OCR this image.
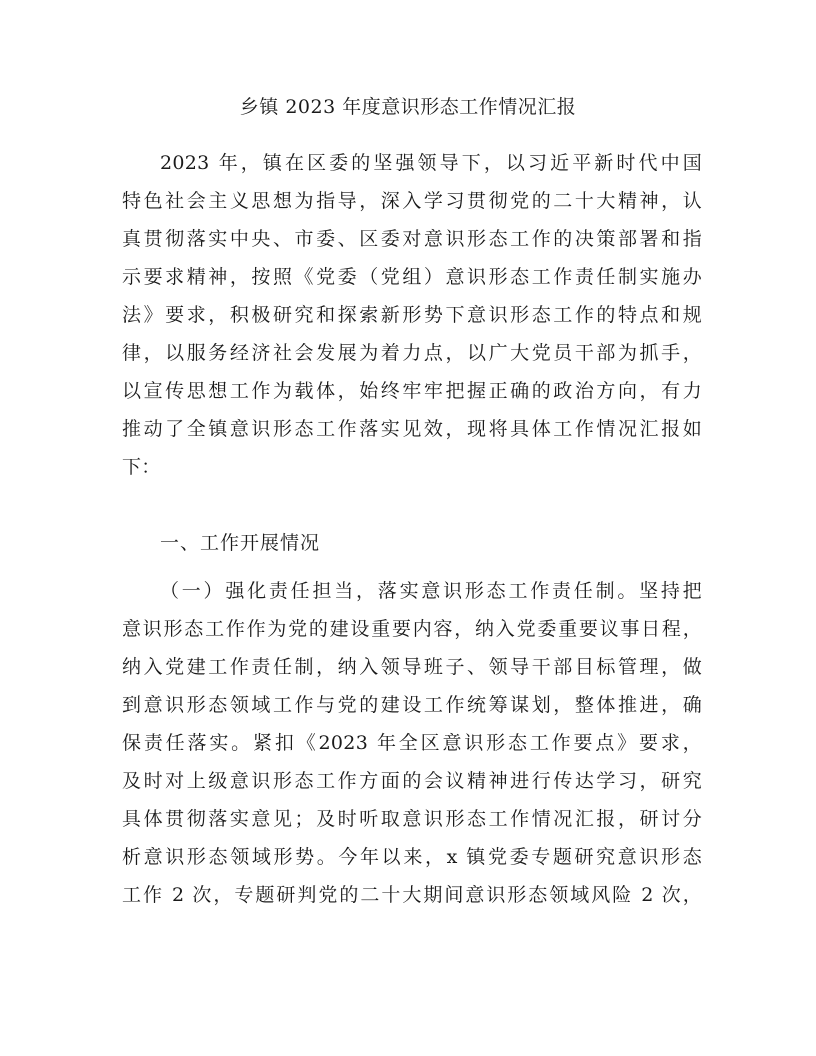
乡镇 2023 年度意识形态工作情况汇报
2023 年，镇在区委的坚强领导下，以习近平新时代中国
特色社会主义思想为指导，深入学习贯彻党的二十大精神，认
真贯彻落实中央、市委、区委对意识形态工作的决策部署和指
示要求精神，按照《党委（党组）意识形态工作责任制实施办
法》要求，积极研究和探索新形势下意识形态工作的特点和规
律，以服务经济社会发展为着力点，以广大党员干部为抓手，
以宣传思想工作为载体，始终牢牢把握正确的政治方向，有力
推动了全镇意识形态工作落实见效，现将具体工作情况汇报如
下：
一、工作开展情况
（一）强化责任担当，落实意识形态工作责任制。坚持把
意识形态工作作为党的建设重要内容，纳入党委重要议事日程，
纳入党建工作责任制，纳入领导班子、领导干部目标管理，做
到意识形态领域工作与党的建设工作统筹谋划，整体推进，确
保责任落实。紧扣《2023 年全区意识形态工作要点》要求，
及时对上级意识形态工作方面的会议精神进行传达学习，研究
具体贯彻落实意见；及时听取意识形态工作情况汇报，研讨分
析意识形态领域形势。今年以来，x 镇党委专题研究意识形态
工作 2 次，专题研判党的二十大期间意识形态领域风险 2 次，
